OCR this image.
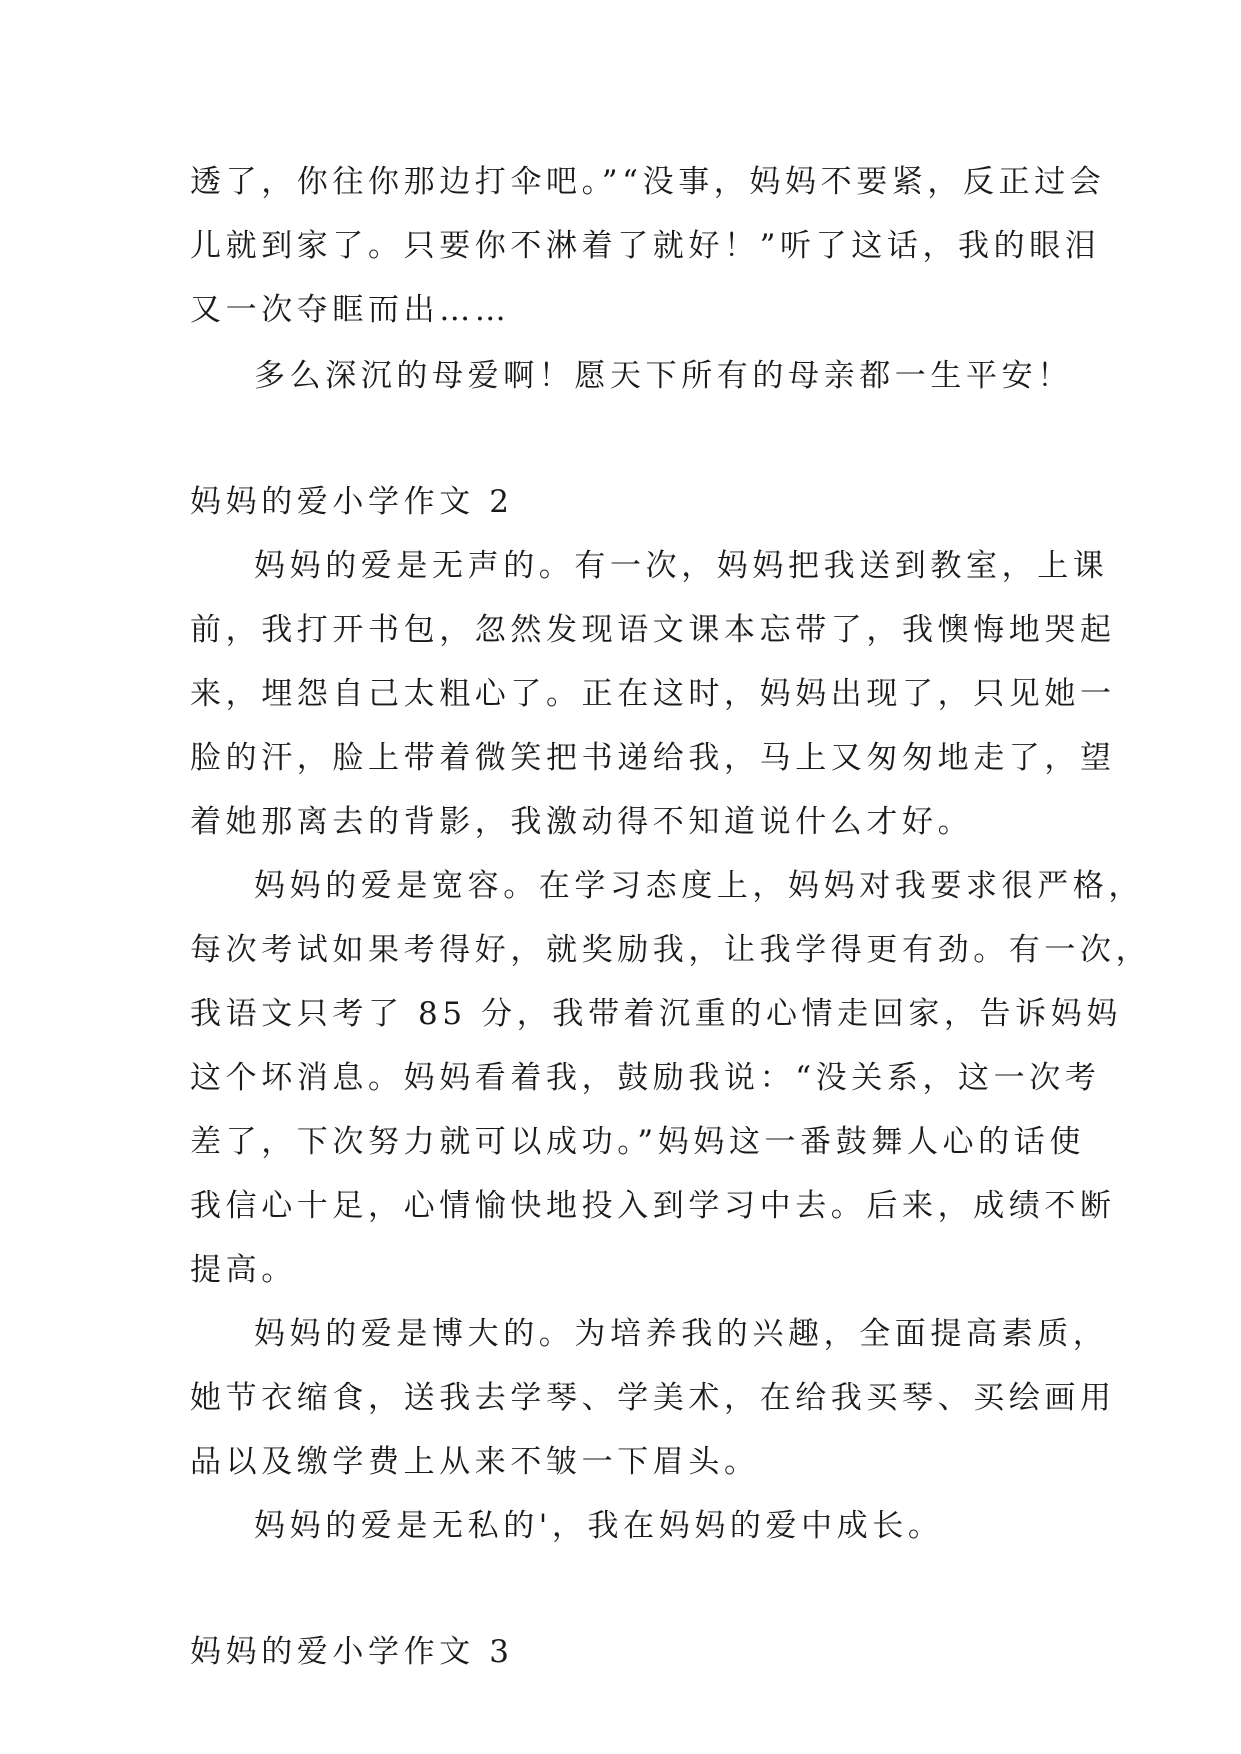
透了，你往你那边打伞吧。”“没事，妈妈不要紧，反正过会
儿就到家了。只要你不淋着了就好！”听了这话，我的眼泪
又一次夺眶而出……
多么深沉的母爱啊！愿天下所有的母亲都一生平安！
妈妈的爱小学作文 2
妈妈的爱是无声的。有一次，妈妈把我送到教室，上课
前，我打开书包，忽然发现语文课本忘带了，我懊悔地哭起
来，埋怨自己太粗心了。正在这时，妈妈出现了，只见她一
脸的汗，脸上带着微笑把书递给我，马上又匆匆地走了，望
着她那离去的背影，我激动得不知道说什么才好。
妈妈的爱是宽容。在学习态度上，妈妈对我要求很严格，
每次考试如果考得好，就奖励我，让我学得更有劲。有一次，
我语文只考了 85 分，我带着沉重的心情走回家，告诉妈妈
这个坏消息。妈妈看着我，鼓励我说：“没关系，这一次考
差了，下次努力就可以成功。”妈妈这一番鼓舞人心的话使
我信心十足，心情愉快地投入到学习中去。后来，成绩不断
提高。
妈妈的爱是博大的。为培养我的兴趣，全面提高素质，
她节衣缩食，送我去学琴、学美术，在给我买琴、买绘画用
品以及缴学费上从来不皱一下眉头。
妈妈的爱是无私的'，我在妈妈的爱中成长。
妈妈的爱小学作文 3
